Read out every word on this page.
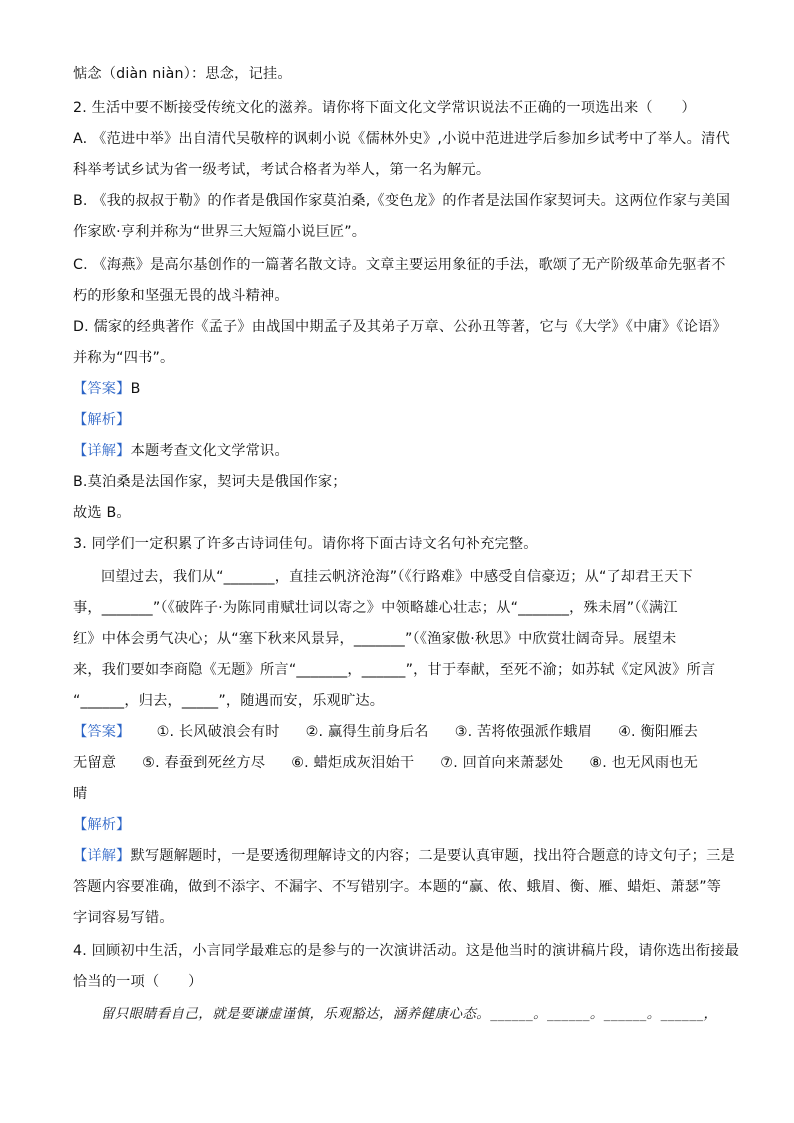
惦念（diàn niàn）：思念，记挂。
2. 生活中要不断接受传统文化的滋养。请你将下面文化文学常识说法不正确的一项选出来（　　）
A. 《范进中举》出自清代吴敬梓的讽刺小说《儒林外史》,小说中范进进学后参加乡试考中了举人。清代
科举考试乡试为省一级考试，考试合格者为举人，第一名为解元。
B. 《我的叔叔于勒》的作者是俄国作家莫泊桑,《变色龙》的作者是法国作家契诃夫。这两位作家与美国
作家欧·亨利并称为“世界三大短篇小说巨匠”。
C. 《海燕》是高尔基创作的一篇著名散文诗。文章主要运用象征的手法，歌颂了无产阶级革命先驱者不
朽的形象和坚强无畏的战斗精神。
D. 儒家的经典著作《孟子》由战国中期孟子及其弟子万章、公孙丑等著，它与《大学》《中庸》《论语》
并称为“四书”。
【答案】B
【解析】
【详解】本题考查文化文学常识。
B.莫泊桑是法国作家，契诃夫是俄国作家；
故选 B。
3. 同学们一定积累了许多古诗词佳句。请你将下面古诗文名句补充完整。
回望过去，我们从“_______，直挂云帆济沧海”（《行路难》中感受自信豪迈；从“了却君王天下
事，_______”（《破阵子·为陈同甫赋壮词以寄之》中领略雄心壮志；从“_______，殊未屑”（《满江
红》中体会勇气决心；从“塞下秋来风景异，_______”（《渔家傲·秋思》中欣赏壮阔奇异。展望未
来，我们要如李商隐《无题》所言“_______，______”，甘于奉献，至死不渝；如苏轼《定风波》所言
“______，归去，_____”，随遇而安，乐观旷达。
【答案】 ①. 长风破浪会有时 ②. 赢得生前身后名 ③. 苦将侬强派作蛾眉 ④. 衡阳雁去
无留意 ⑤. 春蚕到死丝方尽 ⑥. 蜡炬成灰泪始干 ⑦. 回首向来萧瑟处 ⑧. 也无风雨也无
晴
【解析】
【详解】默写题解题时，一是要透彻理解诗文的内容；二是要认真审题，找出符合题意的诗文句子；三是
答题内容要准确，做到不添字、不漏字、不写错别字。本题的“赢、侬、蛾眉、衡、雁、蜡炬、萧瑟”等
字词容易写错。
4. 回顾初中生活，小言同学最难忘的是参与的一次演讲活动。这是他当时的演讲稿片段，请你选出衔接最
恰当的一项（　　）
留只眼睛看自己，就是要谦虚谨慎，乐观豁达，涵养健康心态。______。______。______。______，
